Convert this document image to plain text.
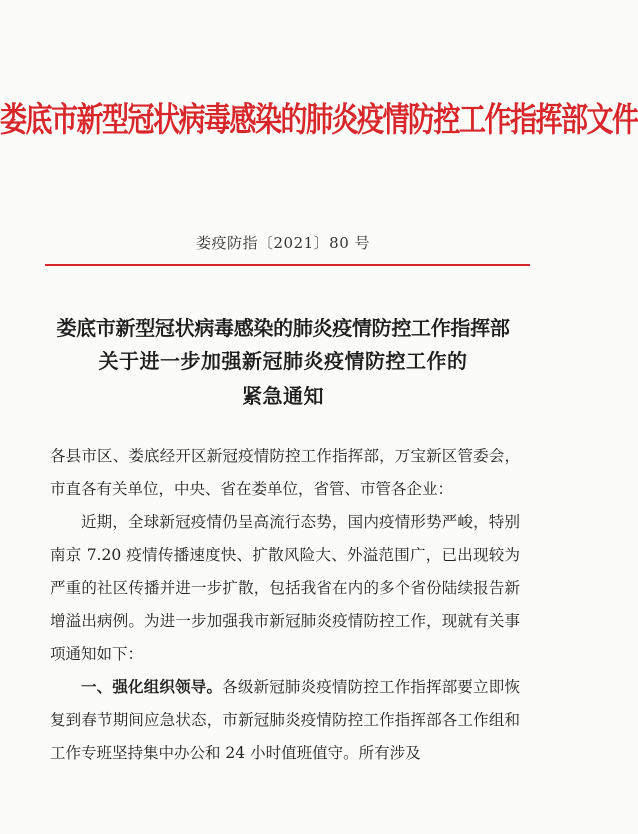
娄底市新型冠状病毒感染的肺炎疫情防控工作指挥部文件
娄疫防指〔2021〕80 号
娄底市新型冠状病毒感染的肺炎疫情防控工作指挥部
关于进一步加强新冠肺炎疫情防控工作的
紧急通知

各县市区、娄底经开区新冠疫情防控工作指挥部，万宝新区管委会，市直各有关单位，中央、省在娄单位，省管、市管各企业：

近期，全球新冠疫情仍呈高流行态势，国内疫情形势严峻，特别南京 7.20 疫情传播速度快、扩散风险大、外溢范围广，已出现较为严重的社区传播并进一步扩散，包括我省在内的多个省份陆续报告新增溢出病例。为进一步加强我市新冠肺炎疫情防控工作，现就有关事项通知如下：

一、强化组织领导。各级新冠肺炎疫情防控工作指挥部要立即恢复到春节期间应急状态，市新冠肺炎疫情防控工作指挥部各工作组和工作专班坚持集中办公和 24 小时值班值守。所有涉及
